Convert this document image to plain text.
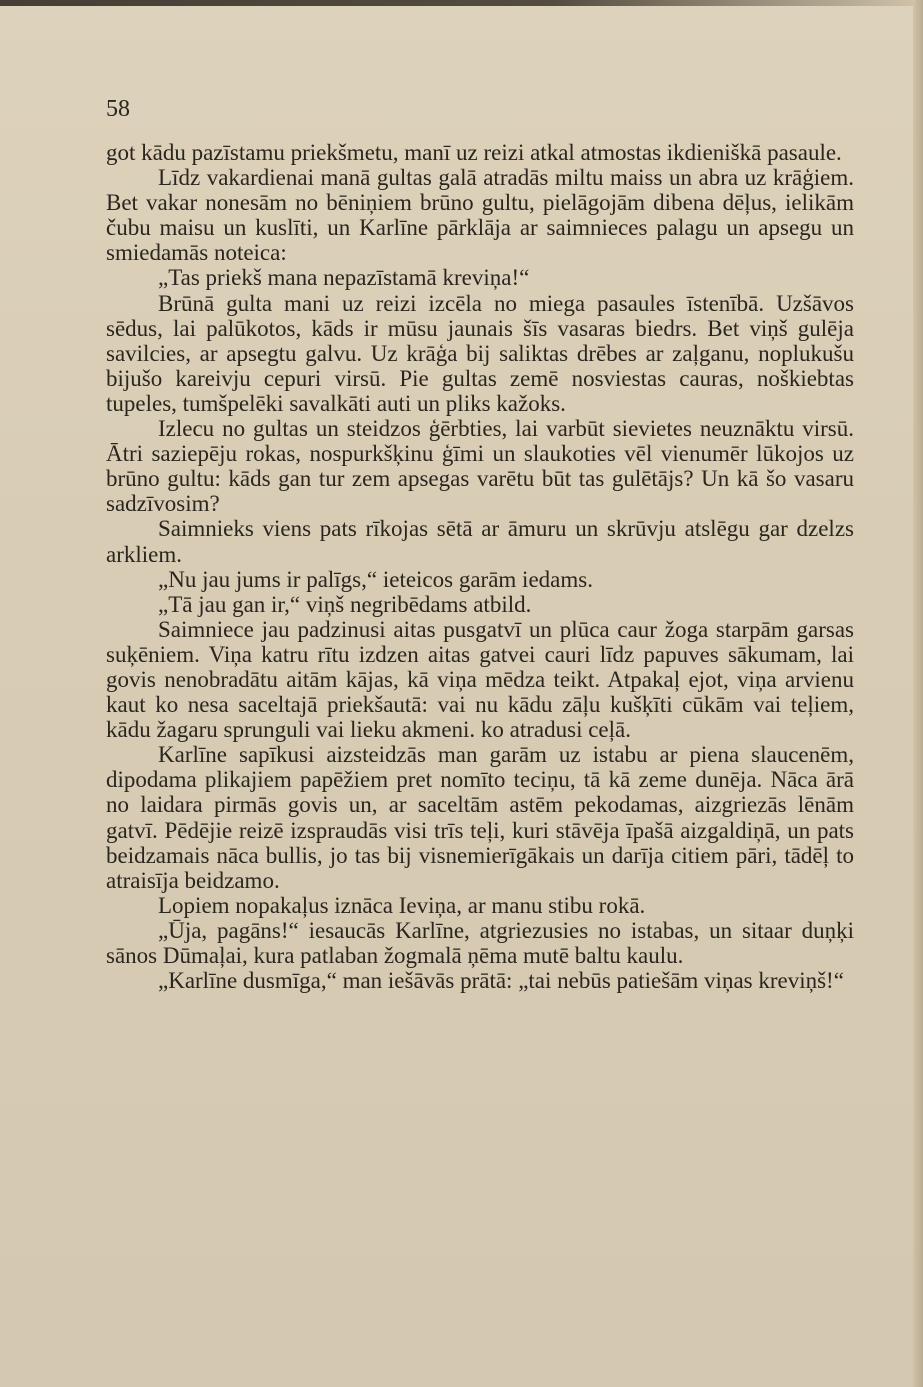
58

got kādu pazīstamu priekšmetu, manī uz reizi atkal atmostas ikdieniškā pasaule.

Līdz vakardienai manā gultas galā atradās miltu maiss un abra uz krāģiem. Bet vakar nonesām no bēniņiem brūno gultu, pielāgojām dibena dēļus, ielikām čubu maisu un kuslīti, un Karlīne pārklāja ar saimnieces palagu un apsegu un smiedamās noteica:

„Tas priekš mana nepazīstamā kreviņa!“

Brūnā gulta mani uz reizi izcēla no miega pasaules īstenībā. Uzšāvos sēdus, lai palūkotos, kāds ir mūsu jaunais šīs vasaras biedrs. Bet viņš gulēja savilcies, ar apsegtu galvu. Uz krāģa bij saliktas drēbes ar zaļganu, noplukušu bijušo kareivju cepuri virsū. Pie gultas zemē nosviestas cauras, noškiebtas tupeles, tumšpelēki savalkāti auti un pliks kažoks.

Izlecu no gultas un steidzos ģērbties, lai varbūt sievietes neuznāktu virsū. Ātri saziepēju rokas, nospurkšķinu ģīmi un slaukoties vēl vienumēr lūkojos uz brūno gultu: kāds gan tur zem apsegas varētu būt tas gulētājs? Un kā šo vasaru sadzīvosim?

Saimnieks viens pats rīkojas sētā ar āmuru un skrūvju atslēgu gar dzelzs arkliem.

„Nu jau jums ir palīgs,“ ieteicos garām iedams.

„Tā jau gan ir,“ viņš negribēdams atbild.

Saimniece jau padzinusi aitas pusgatvī un plūca caur žoga starpām garsas suķēniem. Viņa katru rītu izdzen aitas gatvei cauri līdz papuves sākumam, lai govis nenobradātu aitām kājas, kā viņa mēdza teikt. Atpakaļ ejot, viņa arvienu kaut ko nesa saceltajā priekšautā: vai nu kādu zāļu kušķīti cūkām vai teļiem, kādu žagaru sprunguli vai lieku akmeni. ko atradusi ceļā.

Karlīne sapīkusi aizsteidzās man garām uz istabu ar piena slaucenēm, dipodama plikajiem papēžiem pret nomīto teciņu, tā kā zeme dunēja. Nāca ārā no laidara pirmās govis un, ar saceltām astēm pekodamas, aizgriezās lēnām gatvī. Pēdējie reizē izspraudās visi trīs teļi, kuri stāvēja īpašā aizgaldiņā, un pats beidzamais nāca bullis, jo tas bij visnemierīgākais un darīja citiem pāri, tādēļ to atraisīja beidzamo.

Lopiem nopakaļus iznāca Ieviņa, ar manu stibu rokā.

„Ūja, pagāns!“ iesaucās Karlīne, atgriezusies no istabas, un sitaar duņķi sānos Dūmaļai, kura patlaban žogmalā ņēma mutē baltu kaulu.

„Karlīne dusmīga,“ man iešāvās prātā: „tai nebūs patiešām viņas kreviņš!“
